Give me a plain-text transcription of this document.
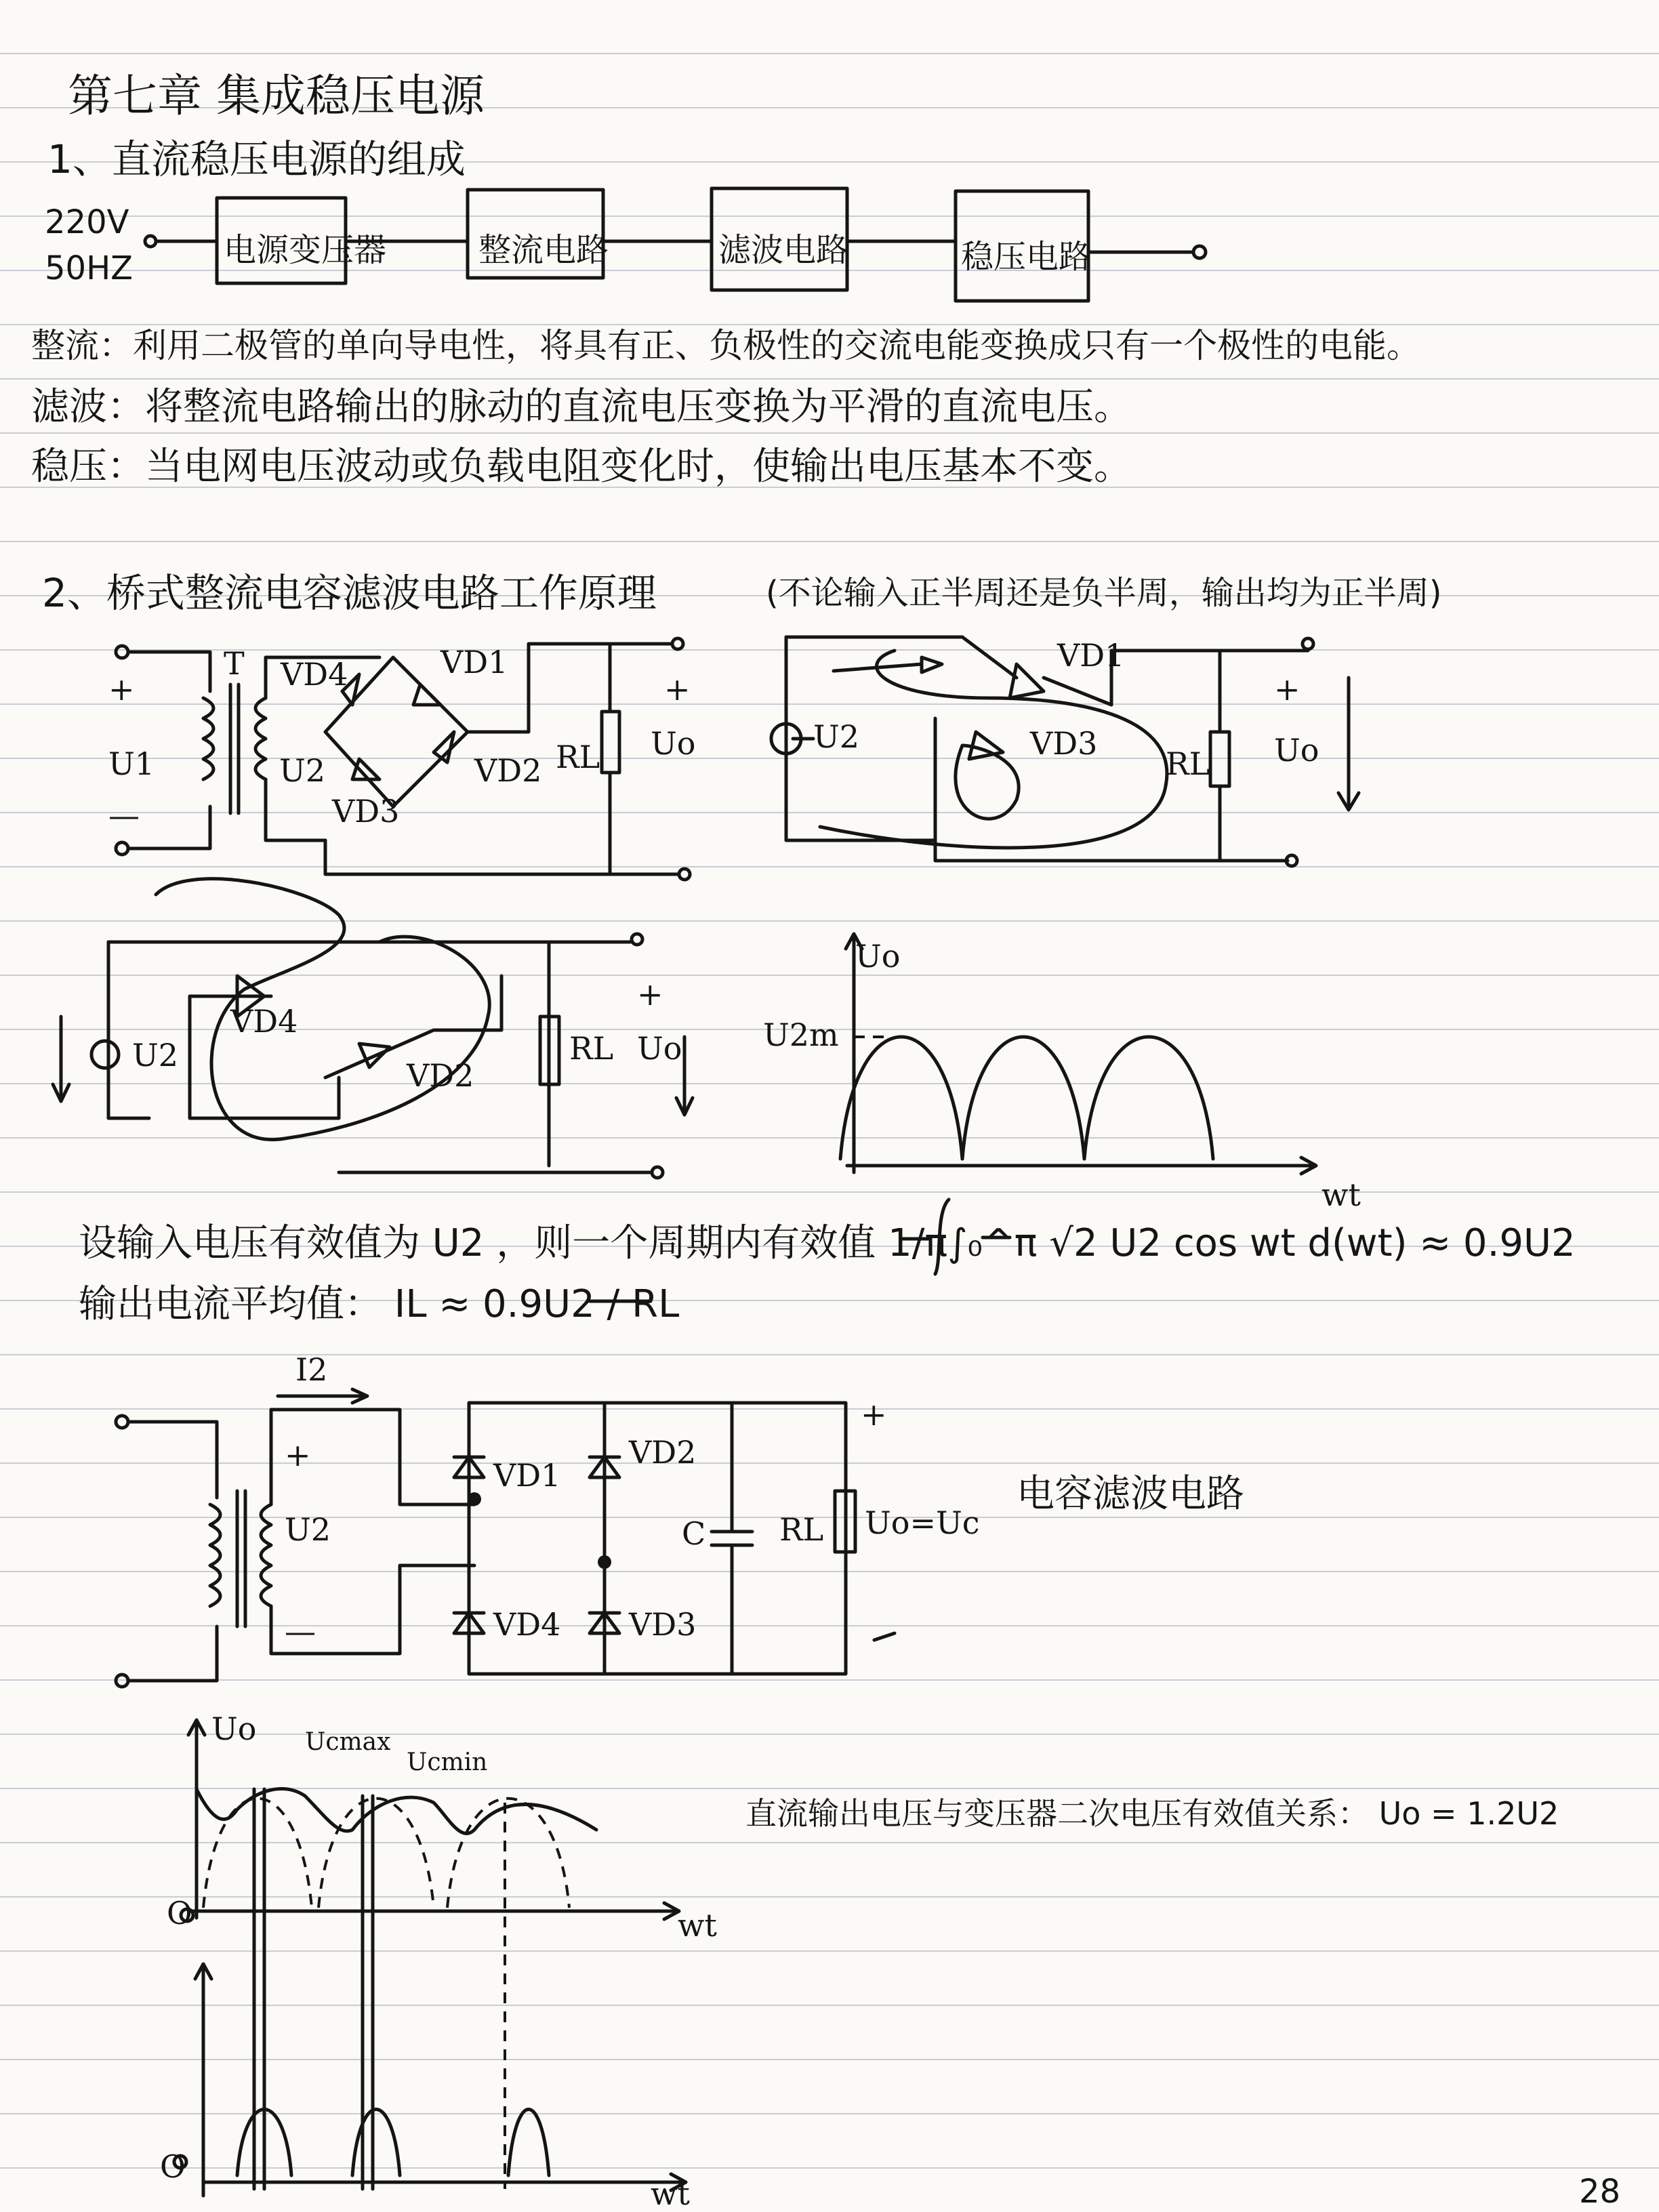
第七章 集成稳压电源
1、直流稳压电源的组成
220V
50HZ	电源变压器	整流电路	滤波电路	稳压电路
整流：利用二极管的单向导电性，将具有正、负极性的交流电能变换成只有一个极性的电能。
滤波：将整流电路输出的脉动的直流电压变换为平滑的直流电压。
稳压：当电网电压波动或负载电阻变化时，使输出电压基本不变。
2、桥式整流电容滤波电路工作原理	(不论输入正半周还是负半周，输出均为正半周)
T
+
U1
—
U2
VD4	VD1
VD2
VD3
RL
+
Uo	U2
VD1
VD3
RL Uo
+
U2
VD4
VD2
RL
+
Uo
Uo
U2m
wt
设输入电压有效值为 U2 ，则一个周期内有效值 1/π∫₀^π √2 U2 cos wt d(wt) ≈ 0.9U2
输出电流平均值： IL ≈ 0.9U2 / RL
I2
+
U2
—
VD1
VD2
VD4 VD3
C RL
+
Uo=Uc
电容滤波电路
Uo Ucmax
Ucmin
wt
wt
O
O
直流输出电压与变压器二次电压有效值关系： Uo = 1.2U2
28
